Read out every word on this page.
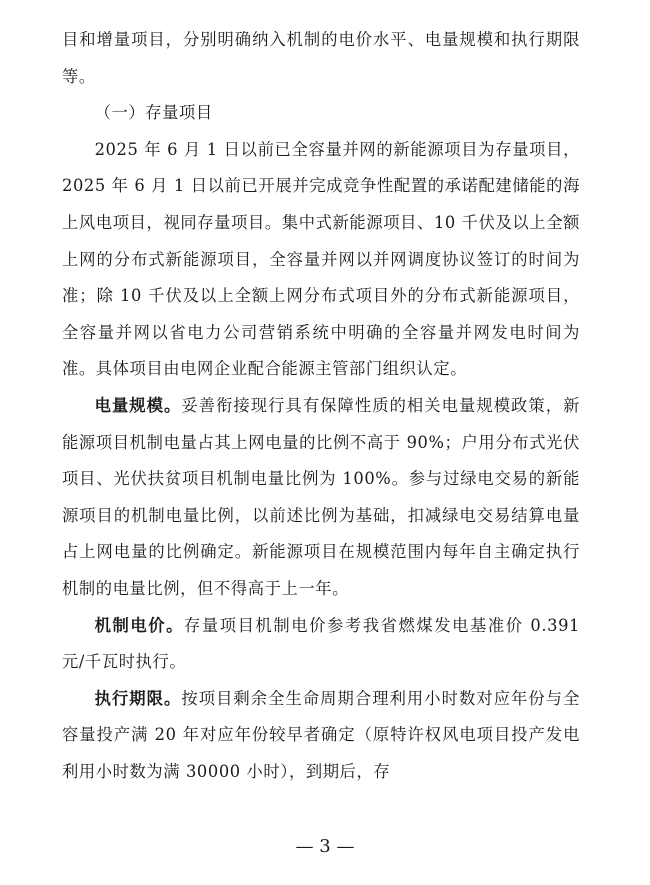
目和增量项目，分别明确纳入机制的电价水平、电量规模和执行期限等。

（一）存量项目

2025 年 6 月 1 日以前已全容量并网的新能源项目为存量项目，2025 年 6 月 1 日以前已开展并完成竞争性配置的承诺配建储能的海上风电项目，视同存量项目。集中式新能源项目、10 千伏及以上全额上网的分布式新能源项目，全容量并网以并网调度协议签订的时间为准；除 10 千伏及以上全额上网分布式项目外的分布式新能源项目，全容量并网以省电力公司营销系统中明确的全容量并网发电时间为准。具体项目由电网企业配合能源主管部门组织认定。

电量规模。妥善衔接现行具有保障性质的相关电量规模政策，新能源项目机制电量占其上网电量的比例不高于 90%；户用分布式光伏项目、光伏扶贫项目机制电量比例为 100%。参与过绿电交易的新能源项目的机制电量比例，以前述比例为基础，扣减绿电交易结算电量占上网电量的比例确定。新能源项目在规模范围内每年自主确定执行机制的电量比例，但不得高于上一年。

机制电价。存量项目机制电价参考我省燃煤发电基准价 0.391 元/千瓦时执行。

执行期限。按项目剩余全生命周期合理利用小时数对应年份与全容量投产满 20 年对应年份较早者确定（原特许权风电项目投产发电利用小时数为满 30000 小时），到期后，存

— 3 —
